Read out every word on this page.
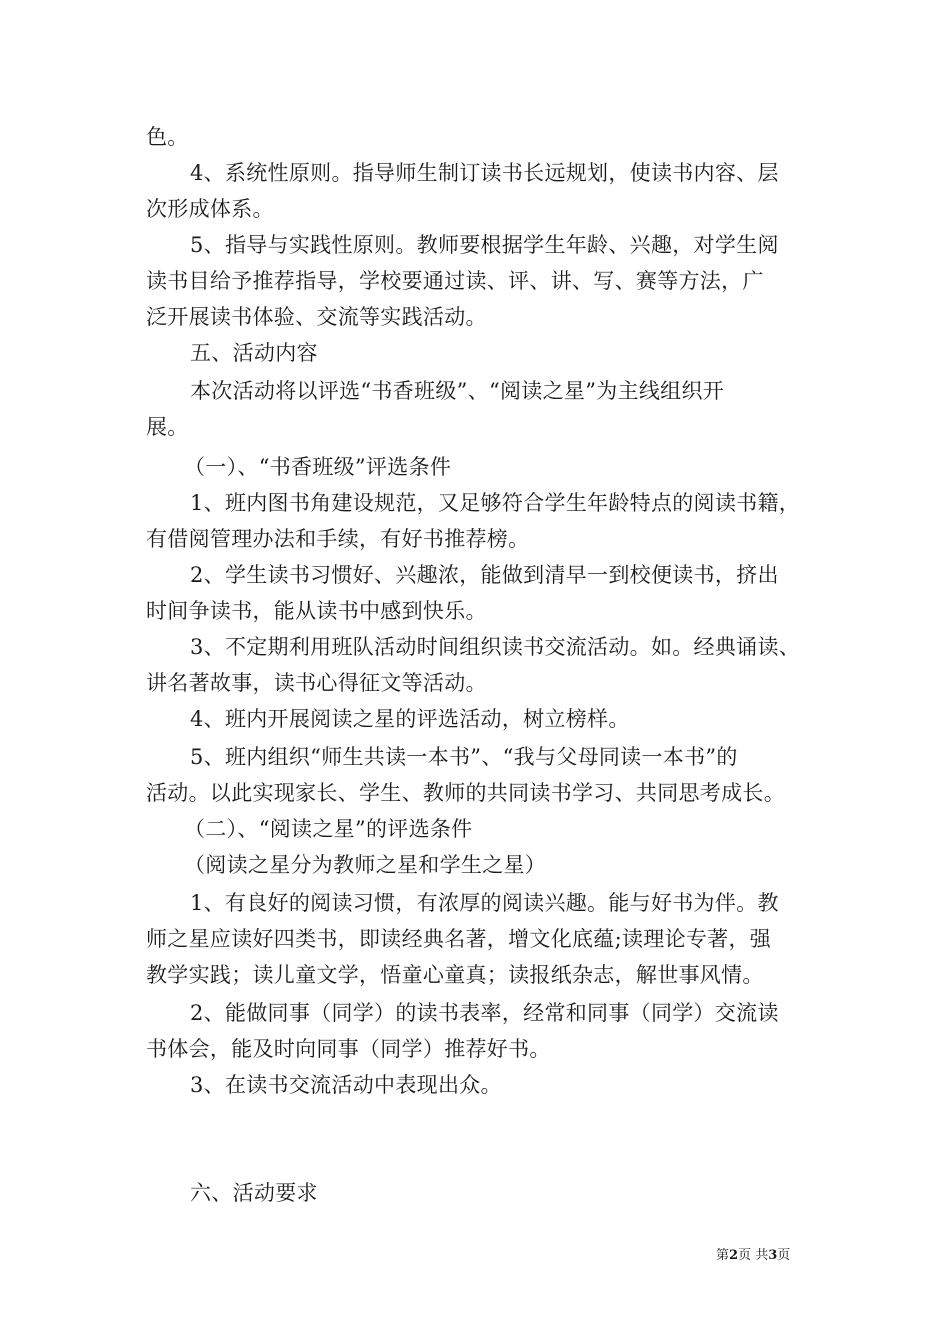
色。
4、系统性原则。指导师生制订读书长远规划，使读书内容、层
次形成体系。
5、指导与实践性原则。教师要根据学生年龄、兴趣，对学生阅
读书目给予推荐指导，学校要通过读、评、讲、写、赛等方法，广
泛开展读书体验、交流等实践活动。
五、活动内容
本次活动将以评选“书香班级”、“阅读之星”为主线组织开
展。
（一）、“书香班级”评选条件
1、班内图书角建设规范，又足够符合学生年龄特点的阅读书籍，
有借阅管理办法和手续，有好书推荐榜。
2、学生读书习惯好、兴趣浓，能做到清早一到校便读书，挤出
时间争读书，能从读书中感到快乐。
3、不定期利用班队活动时间组织读书交流活动。如。经典诵读、
讲名著故事，读书心得征文等活动。
4、班内开展阅读之星的评选活动，树立榜样。
5、班内组织“师生共读一本书”、“我与父母同读一本书”的
活动。以此实现家长、学生、教师的共同读书学习、共同思考成长。
（二）、“阅读之星”的评选条件
（阅读之星分为教师之星和学生之星）
1、有良好的阅读习惯，有浓厚的阅读兴趣。能与好书为伴。教
师之星应读好四类书，即读经典名著，增文化底蕴;读理论专著，强
教学实践；读儿童文学，悟童心童真；读报纸杂志，解世事风情。
2、能做同事（同学）的读书表率，经常和同事（同学）交流读
书体会，能及时向同事（同学）推荐好书。
3、在读书交流活动中表现出众。
六、活动要求
第2页 共3页
